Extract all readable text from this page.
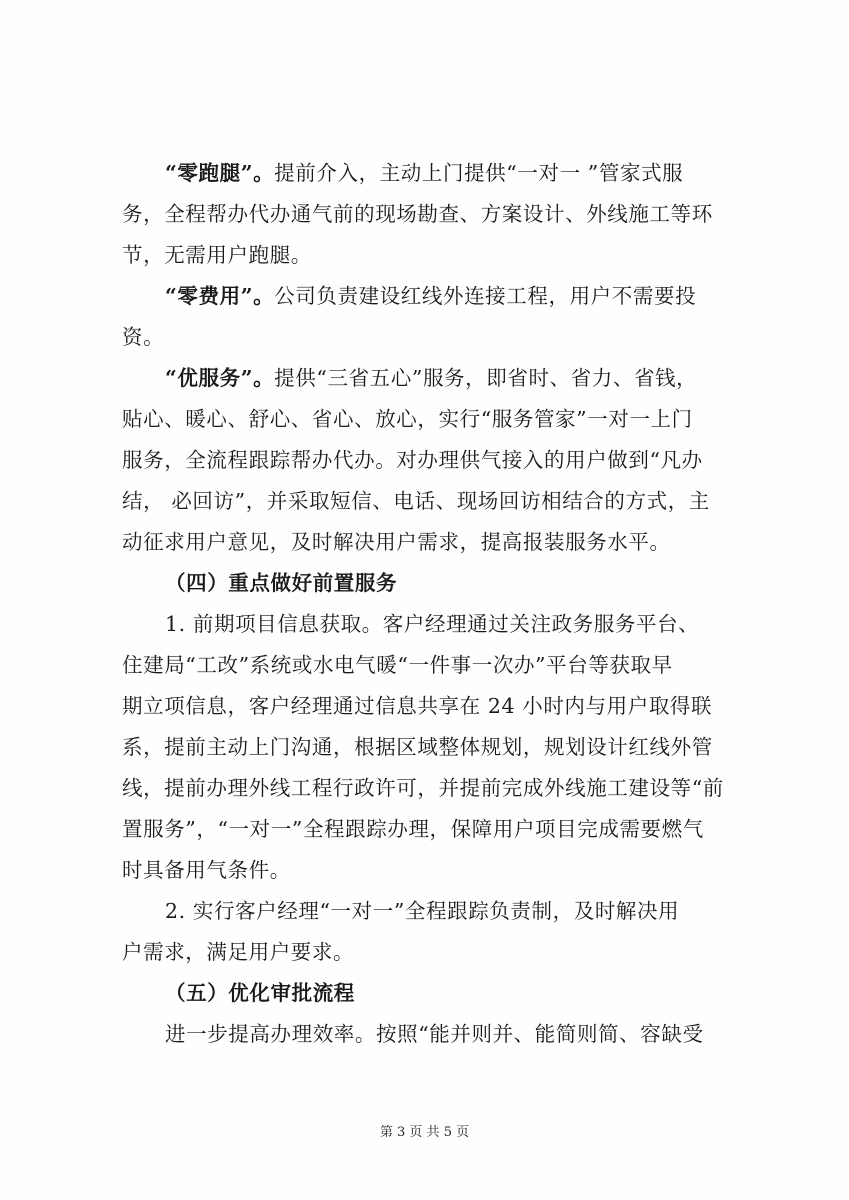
“零跑腿”。提前介入，主动上门提供“一对一 ”管家式服
务，全程帮办代办通气前的现场勘查、方案设计、外线施工等环
节，无需用户跑腿。
“零费用”。公司负责建设红线外连接工程，用户不需要投
资。
“优服务”。提供“三省五心”服务，即省时、省力、省钱，
贴心、暖心、舒心、省心、放心，实行“服务管家”一对一上门
服务，全流程跟踪帮办代办。对办理供气接入的用户做到“凡办
结， 必回访”，并采取短信、电话、现场回访相结合的方式，主
动征求用户意见，及时解决用户需求，提高报装服务水平。
（四）重点做好前置服务
1. 前期项目信息获取。客户经理通过关注政务服务平台、
住建局“工改”系统或水电气暖“一件事一次办”平台等获取早
期立项信息，客户经理通过信息共享在 24 小时内与用户取得联
系，提前主动上门沟通，根据区域整体规划，规划设计红线外管
线，提前办理外线工程行政许可，并提前完成外线施工建设等“前
置服务”，“一对一”全程跟踪办理，保障用户项目完成需要燃气
时具备用气条件。
2. 实行客户经理“一对一”全程跟踪负责制，及时解决用
户需求，满足用户要求。
（五）优化审批流程
进一步提高办理效率。按照“能并则并、能简则简、容缺受
第 3 页 共 5 页
